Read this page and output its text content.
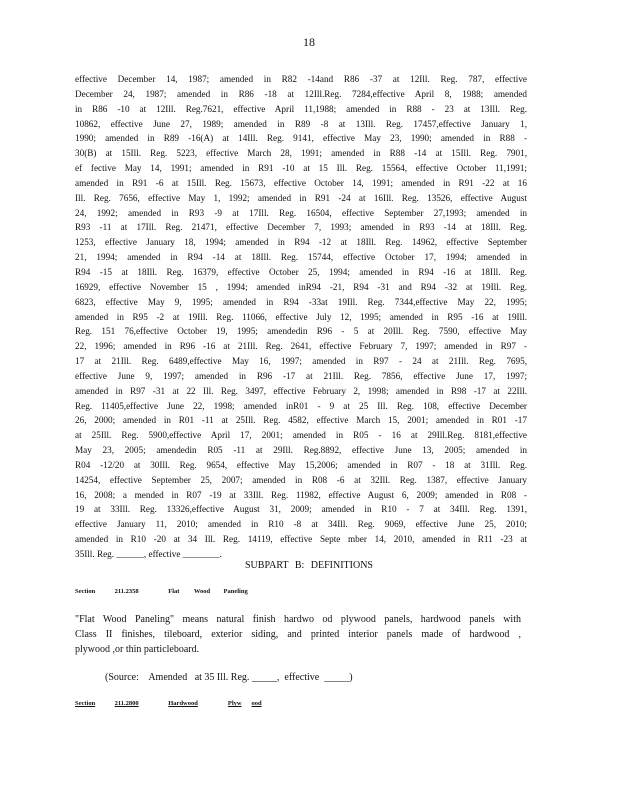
18
effective December 14, 1987; amended in R82 -14and R86 -37 at 12Ill. Reg. 787, effective
December 24, 1987; amended in R86 -18 at 12Ill.Reg. 7284,effective April 8, 1988; amended
in R86 -10 at 12Ill. Reg.7621, effective April 11,1988; amended in R88 - 23 at 13Ill. Reg.
10862, effective June 27, 1989; amended in R89 -8 at 13Ill. Reg. 17457,effective January 1,
1990; amended in R89 -16(A) at 14Ill. Reg. 9141, effective May 23, 1990; amended in R88 -
30(B) at 15Ill. Reg. 5223, effective March 28, 1991; amended in R88 -14 at 15Ill. Reg. 7901,
ef fective May 14, 1991; amended in R91 -10 at 15 Ill. Reg. 15564, effective October 11,1991;
amended in R91 -6 at 15Ill. Reg. 15673, effective October 14, 1991; amended in R91 -22 at 16
Ill. Reg. 7656, effective May 1, 1992; amended in R91 -24 at 16Ill. Reg. 13526, effective August
24, 1992; amended in R93 -9 at 17Ill. Reg. 16504, effective September 27,1993; amended in
R93 -11 at 17Ill. Reg. 21471, effective December 7, 1993; amended in R93 -14 at 18Ill. Reg.
1253, effective January 18, 1994; amended in R94 -12 at 18Ill. Reg. 14962, effective September
21, 1994; amended in R94 -14 at 18Ill. Reg. 15744, effective October 17, 1994; amended in
R94 -15 at 18Ill. Reg. 16379, effective October 25, 1994; amended in R94 -16 at 18Ill. Reg.
16929, effective November 15 , 1994; amended inR94 -21, R94 -31 and R94 -32 at 19Ill. Reg.
6823, effective May 9, 1995; amended in R94 -33at 19Ill. Reg. 7344,effective May 22, 1995;
amended in R95 -2 at 19Ill. Reg. 11066, effective July 12, 1995; amended in R95 -16 at 19Ill.
Reg. 151 76,effective October 19, 1995; amendedin R96 - 5 at 20Ill. Reg. 7590, effective May
22, 1996; amended in R96 -16 at 21Ill. Reg. 2641, effective February 7, 1997; amended in R97 -
17 at 21Ill. Reg. 6489,effective May 16, 1997; amended in R97 - 24 at 21Ill. Reg. 7695,
effective June 9, 1997; amended in R96 -17 at 21Ill. Reg. 7856, effective June 17, 1997;
amended in R97 -31 at 22 Ill. Reg. 3497, effective February 2, 1998; amended in R98 -17 at 22Ill.
Reg. 11405,effective June 22, 1998; amended inR01 - 9 at 25 Ill. Reg. 108, effective December
26, 2000; amended in R01 -11 at 25Ill. Reg. 4582, effective March 15, 2001; amended in R01 -17
at 25Ill. Reg. 5900,effective April 17, 2001; amended in R05 - 16 at 29Ill.Reg. 8181,effective
May 23, 2005; amendedin R05 -11 at 29Ill. Reg.8892, effective June 13, 2005; amended in
R04 -12/20 at 30Ill. Reg. 9654, effective May 15,2006; amended in R07 - 18 at 31Ill. Reg.
14254, effective September 25, 2007; amended in R08 -6 at 32Ill. Reg. 1387, effective January
16, 2008; a mended in R07 -19 at 33Ill. Reg. 11982, effective August 6, 2009; amended in R08 -
19 at 33Ill. Reg. 13326,effective August 31, 2009; amended in R10 - 7 at 34Ill. Reg. 1391,
effective January 11, 2010; amended in R10 -8 at 34Ill. Reg. 9069, effective June 25, 2010;
amended in R10 -20 at 34 Ill. Reg. 14119, effective Septe mber 14, 2010, amended in R11 -23 at
35Ill. Reg. ______, effective ________.
SUBPART B: DEFINITIONS
Section	211.2358	Flat Wood Paneling
"Flat Wood Paneling" means natural finish hardwo od plywood panels, hardwood panels with
Class II finishes, tileboard, exterior siding, and printed interior panels made of hardwood ,
plywood ,or thin particleboard.
(Source:    Amended   at 35 Ill. Reg. _____,  effective  _____)
Section	211.2800	Hardwood	Plyw ood
